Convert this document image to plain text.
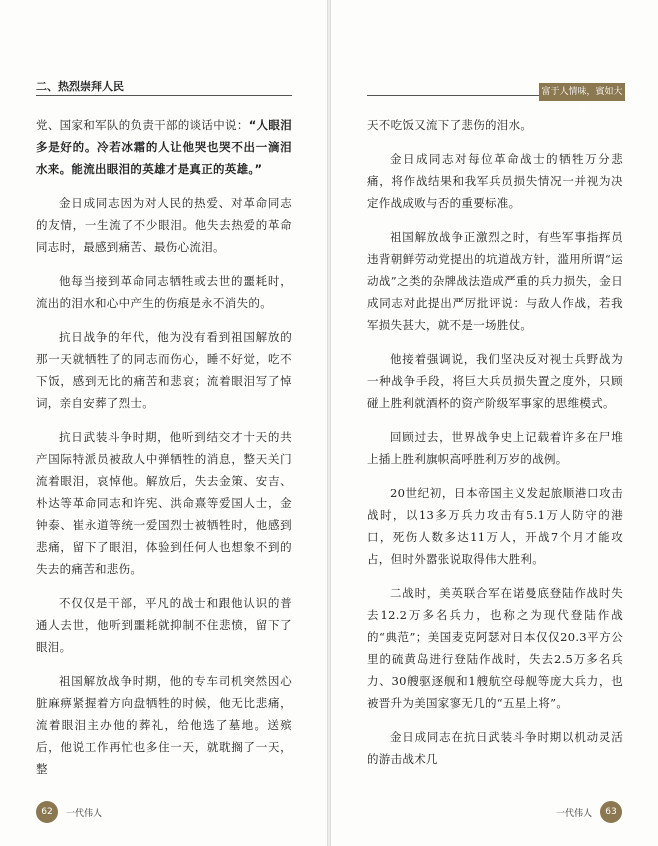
二、热烈崇拜人民

党、国家和军队的负责干部的谈话中说：“人眼泪多是好的。冷若冰霜的人让他哭也哭不出一滴泪水来。能流出眼泪的英雄才是真正的英雄。”

金日成同志因为对人民的热爱、对革命同志的友情，一生流了不少眼泪。他失去热爱的革命同志时，最感到痛苦、最伤心流泪。

他每当接到革命同志牺牲或去世的噩耗时，流出的泪水和心中产生的伤痕是永不消失的。

抗日战争的年代，他为没有看到祖国解放的那一天就牺牲了的同志而伤心，睡不好觉，吃不下饭，感到无比的痛苦和悲哀；流着眼泪写了悼词，亲自安葬了烈士。

抗日武装斗争时期，他听到结交才十天的共产国际特派员被敌人中弹牺牲的消息，整天关门流着眼泪，哀悼他。解放后，失去金策、安吉、朴达等革命同志和许宪、洪命熹等爱国人士，金钟泰、崔永道等统一爱国烈士被牺牲时，他感到悲痛，留下了眼泪，体验到任何人也想象不到的失去的痛苦和悲伤。

不仅仅是干部，平凡的战士和跟他认识的普通人去世，他听到噩耗就抑制不住悲愤，留下了眼泪。

祖国解放战争时期，他的专车司机突然因心脏麻痹紧握着方向盘牺牲的时候，他无比悲痛，流着眼泪主办他的葬礼，给他选了墓地。送殡后，他说工作再忙也多住一天，就耽搁了一天，整

62	一代伟人
富于人情味，賓如大海

天不吃饭又流下了悲伤的泪水。

金日成同志对每位革命战士的牺牲万分悲痛，将作战结果和我军兵员损失情况一并视为决定作战成败与否的重要标准。

祖国解放战争正激烈之时，有些军事指挥员违背朝鲜劳动党提出的坑道战方针，滥用所谓“运动战”之类的杂牌战法造成严重的兵力损失，金日成同志对此提出严厉批评说：与敌人作战，若我军损失甚大，就不是一场胜仗。

他接着强调说，我们坚决反对视士兵野战为一种战争手段，将巨大兵员损失置之度外，只顾碰上胜利就酒杯的资产阶级军事家的思维模式。

回顾过去，世界战争史上记载着许多在尸堆上插上胜利旗帜高呼胜利万岁的战例。

20世纪初，日本帝国主义发起旅顺港口攻击战时，以13多万兵力攻击有5.1万人防守的港口，死伤人数多达11万人，开战7个月才能攻占，但时外嚣张说取得伟大胜利。

二战时，美英联合军在诺曼底登陆作战时失去12.2万多名兵力，也称之为现代登陆作战的“典范”；美国麦克阿瑟对日本仅仅20.3平方公里的硫黄岛进行登陆作战时，失去2.5万多名兵力、30艘驱逐舰和1艘航空母舰等庞大兵力，也被晋升为美国家寥无几的“五星上将”。

金日成同志在抗日武装斗争时期以机动灵活的游击战术几

一代伟人	63
